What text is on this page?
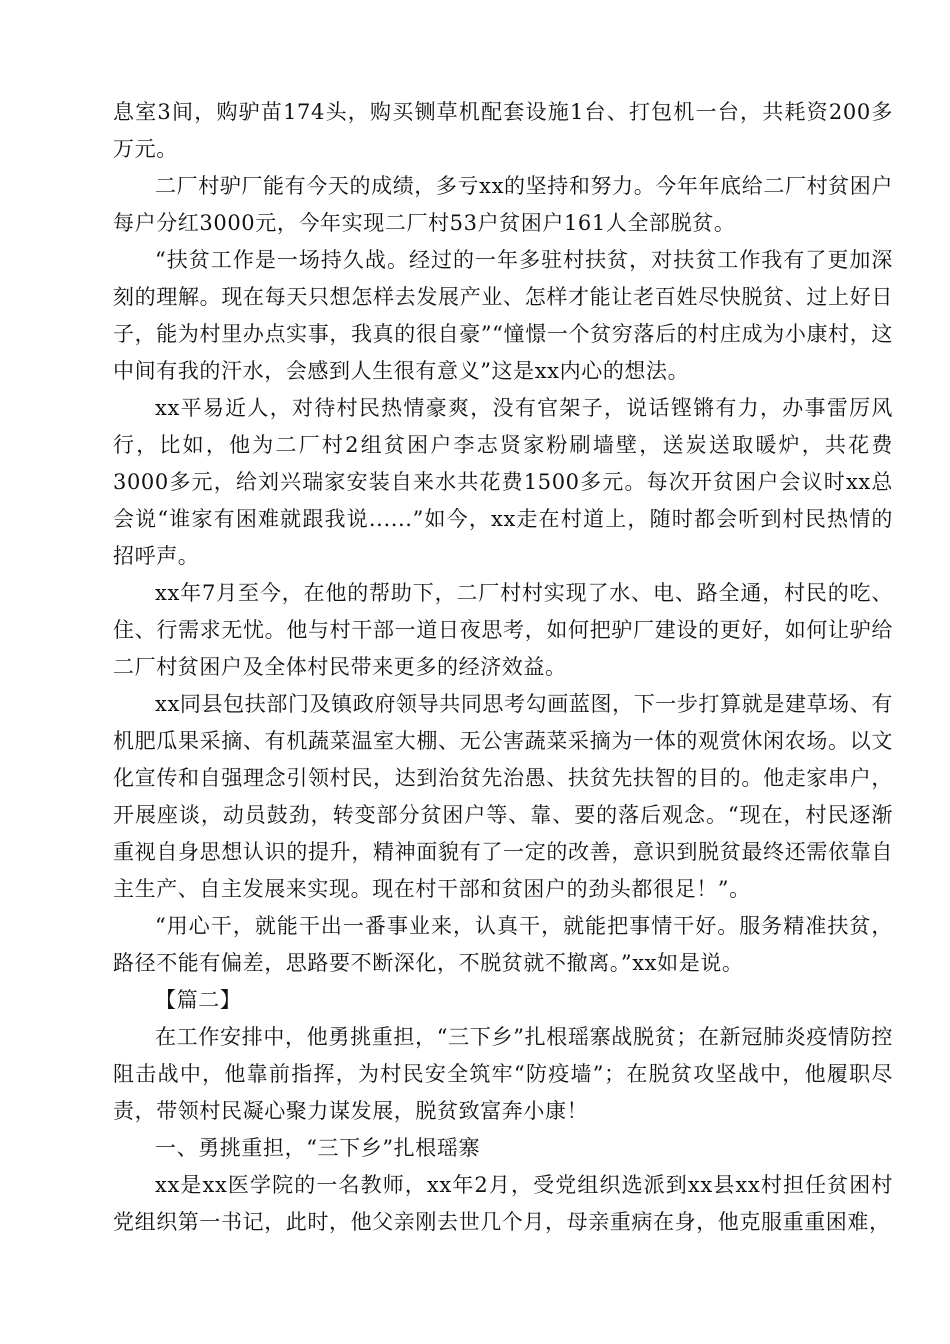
息室3间，购驴苗174头，购买铡草机配套设施1台、打包机一台，共耗资200多万元。

二厂村驴厂能有今天的成绩，多亏xx的坚持和努力。今年年底给二厂村贫困户每户分红3000元，今年实现二厂村53户贫困户161人全部脱贫。

“扶贫工作是一场持久战。经过的一年多驻村扶贫，对扶贫工作我有了更加深刻的理解。现在每天只想怎样去发展产业、怎样才能让老百姓尽快脱贫、过上好日子，能为村里办点实事，我真的很自豪”“憧憬一个贫穷落后的村庄成为小康村，这中间有我的汗水，会感到人生很有意义”这是xx内心的想法。

xx平易近人，对待村民热情豪爽，没有官架子，说话铿锵有力，办事雷厉风行，比如，他为二厂村2组贫困户李志贤家粉刷墙壁，送炭送取暖炉，共花费3000多元，给刘兴瑞家安装自来水共花费1500多元。每次开贫困户会议时xx总会说“谁家有困难就跟我说......”如今，xx走在村道上，随时都会听到村民热情的招呼声。

xx年7月至今，在他的帮助下，二厂村村实现了水、电、路全通，村民的吃、住、行需求无忧。他与村干部一道日夜思考，如何把驴厂建设的更好，如何让驴给二厂村贫困户及全体村民带来更多的经济效益。

xx同县包扶部门及镇政府领导共同思考勾画蓝图，下一步打算就是建草场、有机肥瓜果采摘、有机蔬菜温室大棚、无公害蔬菜采摘为一体的观赏休闲农场。以文化宣传和自强理念引领村民，达到治贫先治愚、扶贫先扶智的目的。他走家串户，开展座谈，动员鼓劲，转变部分贫困户等、靠、要的落后观念。“现在，村民逐渐重视自身思想认识的提升，精神面貌有了一定的改善，意识到脱贫最终还需依靠自主生产、自主发展来实现。现在村干部和贫困户的劲头都很足！”。

“用心干，就能干出一番事业来，认真干，就能把事情干好。服务精准扶贫，路径不能有偏差，思路要不断深化，不脱贫就不撤离。”xx如是说。

【篇二】

在工作安排中，他勇挑重担，“三下乡”扎根瑶寨战脱贫；在新冠肺炎疫情防控阻击战中，他靠前指挥，为村民安全筑牢“防疫墙”；在脱贫攻坚战中，他履职尽责，带领村民凝心聚力谋发展，脱贫致富奔小康！

一、勇挑重担，“三下乡”扎根瑶寨

xx是xx医学院的一名教师，xx年2月，受党组织选派到xx县xx村担任贫困村党组织第一书记，此时，他父亲刚去世几个月，母亲重病在身，他克服重重困难，
